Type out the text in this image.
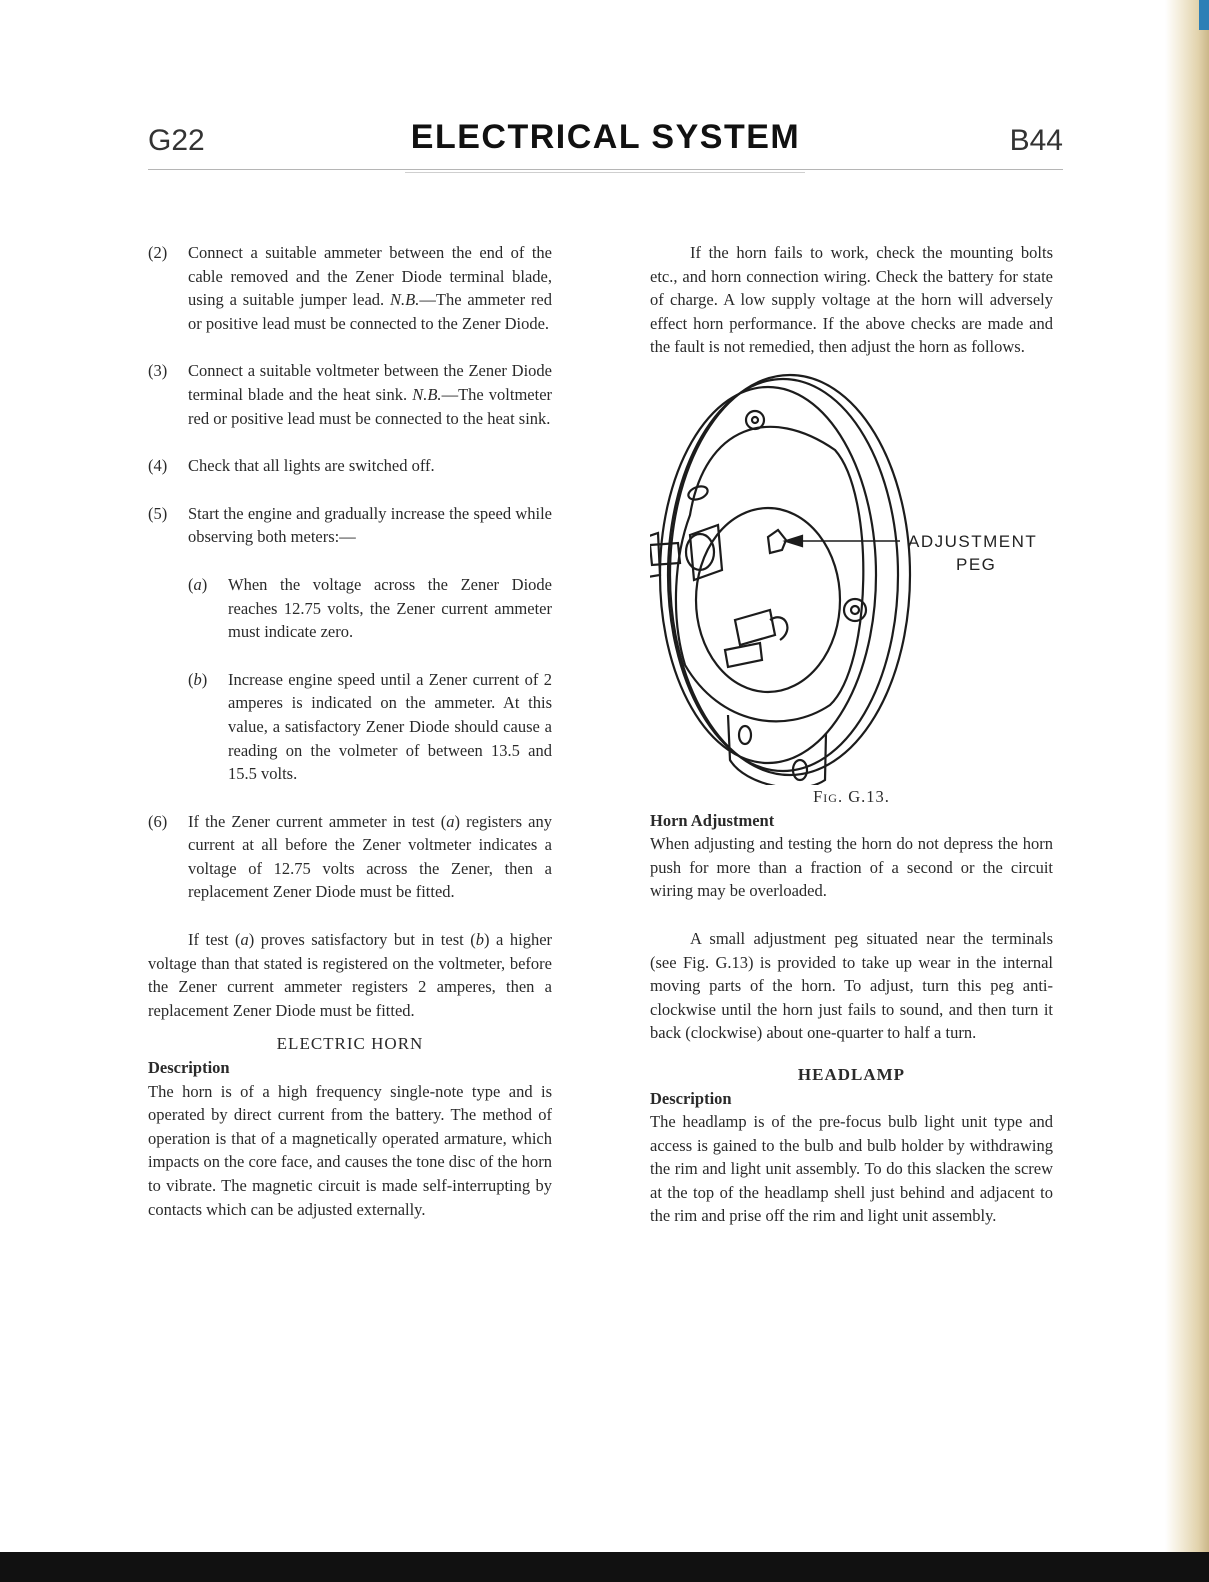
G22	ELECTRICAL SYSTEM	B44
(2)	Connect a suitable ammeter between the end of the cable removed and the Zener Diode terminal blade, using a suitable jumper lead. N.B.—The ammeter red or positive lead must be connected to the Zener Diode.

(3)	Connect a suitable voltmeter between the Zener Diode terminal blade and the heat sink. N.B.—The voltmeter red or positive lead must be connected to the heat sink.

(4)	Check that all lights are switched off.

(5)	Start the engine and gradually increase the speed while observing both meters:—

(a)	When the voltage across the Zener Diode reaches 12.75 volts, the Zener current ammeter must indicate zero.

(b)	Increase engine speed until a Zener current of 2 amperes is indicated on the ammeter. At this value, a satisfactory Zener Diode should cause a reading on the volmeter of between 13.5 and 15.5 volts.

(6)	If the Zener current ammeter in test (a) registers any current at all before the Zener voltmeter indicates a voltage of 12.75 volts across the Zener, then a replacement Zener Diode must be fitted.

If test (a) proves satisfactory but in test (b) a higher voltage than that stated is registered on the voltmeter, before the Zener current ammeter registers 2 amperes, then a replacement Zener Diode must be fitted.

ELECTRIC HORN

Description

The horn is of a high frequency single-note type and is operated by direct current from the battery. The method of operation is that of a magnetically operated armature, which impacts on the core face, and causes the tone disc of the horn to vibrate. The magnetic circuit is made self-interrupting by contacts which can be adjusted externally.

If the horn fails to work, check the mounting bolts etc., and horn connection wiring. Check the battery for state of charge. A low supply voltage at the horn will adversely effect horn performance. If the above checks are made and the fault is not remedied, then adjust the horn as follows.

ADJUSTMENT
PEG

Fig. G.13.

Horn Adjustment

When adjusting and testing the horn do not depress the horn push for more than a fraction of a second or the circuit wiring may be overloaded.

A small adjustment peg situated near the terminals (see Fig. G.13) is provided to take up wear in the internal moving parts of the horn. To adjust, turn this peg anti-clockwise until the horn just fails to sound, and then turn it back (clockwise) about one-quarter to half a turn.

HEADLAMP

Description

The headlamp is of the pre-focus bulb light unit type and access is gained to the bulb and bulb holder by withdrawing the rim and light unit assembly. To do this slacken the screw at the top of the headlamp shell just behind and adjacent to the rim and prise off the rim and light unit assembly.
